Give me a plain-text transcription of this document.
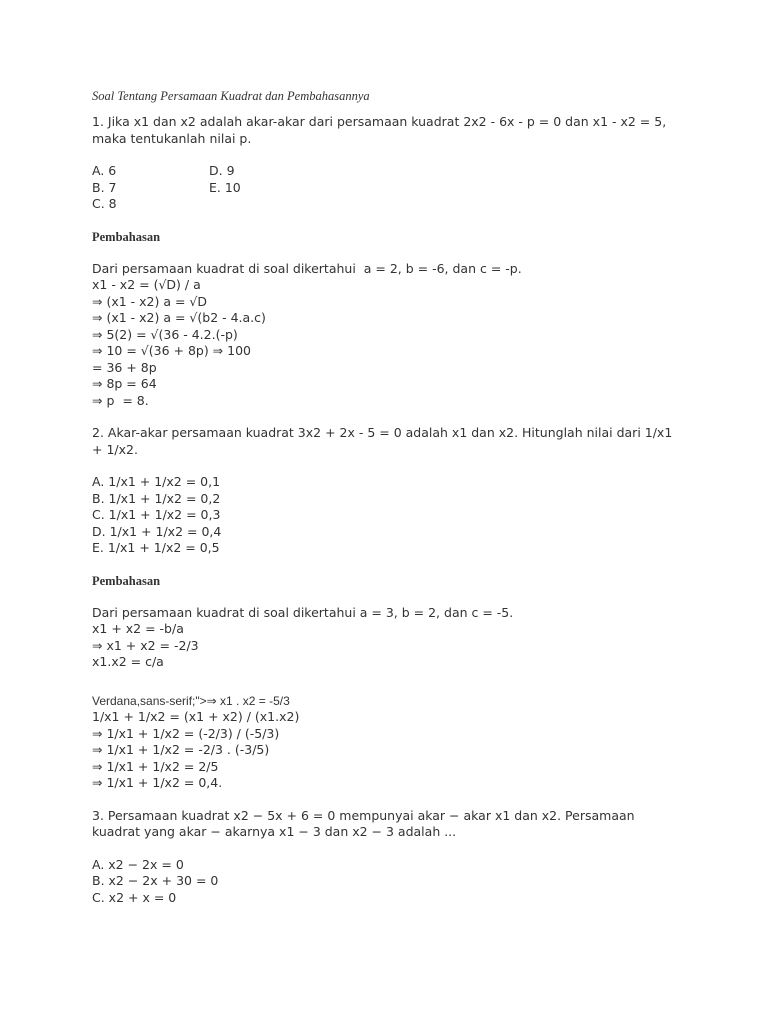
Soal Tentang Persamaan Kuadrat dan Pembahasannya

1. Jika x1 dan x2 adalah akar-akar dari persamaan kuadrat 2x2 - 6x - p = 0 dan x1 - x2 = 5, maka tentukanlah nilai p.

A. 6
B. 7
C. 8
D. 9
E. 10
Pembahasan
Dari persamaan kuadrat di soal dikertahui  a = 2, b = -6, dan c = -p.
x1 - x2 = (√D) / a
⇒ (x1 - x2) a = √D
⇒ (x1 - x2) a = √(b2 - 4.a.c)
⇒ 5(2) = √(36 - 4.2.(-p)
⇒ 10 = √(36 + 8p) ⇒ 100
= 36 + 8p
⇒ 8p = 64
⇒ p  = 8.

2. Akar-akar persamaan kuadrat 3x2 + 2x - 5 = 0 adalah x1 dan x2. Hitunglah nilai dari 1/x1 + 1/x2.

A. 1/x1 + 1/x2 = 0,1
B. 1/x1 + 1/x2 = 0,2
C. 1/x1 + 1/x2 = 0,3
D. 1/x1 + 1/x2 = 0,4
E. 1/x1 + 1/x2 = 0,5
Pembahasan
Dari persamaan kuadrat di soal dikertahui a = 3, b = 2, dan c = -5.
x1 + x2 = -b/a
⇒ x1 + x2 = -2/3
x1.x2 = c/a
Verdana,sans-serif;">⇒ x1 . x2 = -5/3
1/x1 + 1/x2 = (x1 + x2) / (x1.x2)
⇒ 1/x1 + 1/x2 = (-2/3) / (-5/3)
⇒ 1/x1 + 1/x2 = -2/3 . (-3/5)
⇒ 1/x1 + 1/x2 = 2/5
⇒ 1/x1 + 1/x2 = 0,4.

3. Persamaan kuadrat x2 − 5x + 6 = 0 mempunyai akar − akar x1 dan x2. Persamaan kuadrat yang akar − akarnya x1 − 3 dan x2 − 3 adalah ...

A. x2 − 2x = 0
B. x2 − 2x + 30 = 0
C. x2 + x = 0
